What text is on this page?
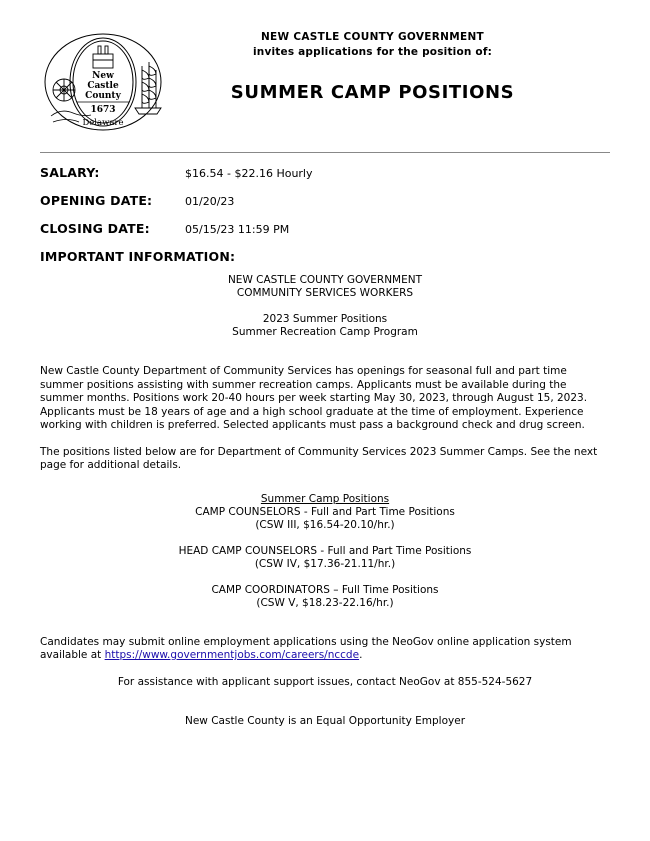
New
Castle
County
1673
Delaware
NEW CASTLE COUNTY GOVERNMENT
invites applications for the position of:
SUMMER CAMP POSITIONS
SALARY:	$16.54 - $22.16 Hourly
OPENING DATE:	01/20/23
CLOSING DATE:	05/15/23 11:59 PM
IMPORTANT INFORMATION:
NEW CASTLE COUNTY GOVERNMENT
COMMUNITY SERVICES WORKERS
2023 Summer Positions
Summer Recreation Camp Program

New Castle County Department of Community Services has openings for seasonal full and part time summer positions assisting with summer recreation camps. Applicants must be available during the summer months. Positions work 20-40 hours per week starting May 30, 2023, through August 15, 2023. Applicants must be 18 years of age and a high school graduate at the time of employment. Experience working with children is preferred. Selected applicants must pass a background check and drug screen.

The positions listed below are for Department of Community Services 2023 Summer Camps. See the next page for additional details.

Summer Camp Positions
CAMP COUNSELORS - Full and Part Time Positions
(CSW III, $16.54-20.10/hr.)
HEAD CAMP COUNSELORS - Full and Part Time Positions
(CSW IV, $17.36-21.11/hr.)
CAMP COORDINATORS – Full Time Positions
(CSW V, $18.23-22.16/hr.)

Candidates may submit online employment applications using the NeoGov online application system available at https://www.governmentjobs.com/careers/nccde.

For assistance with applicant support issues, contact NeoGov at 855-524-5627
New Castle County is an Equal Opportunity Employer
